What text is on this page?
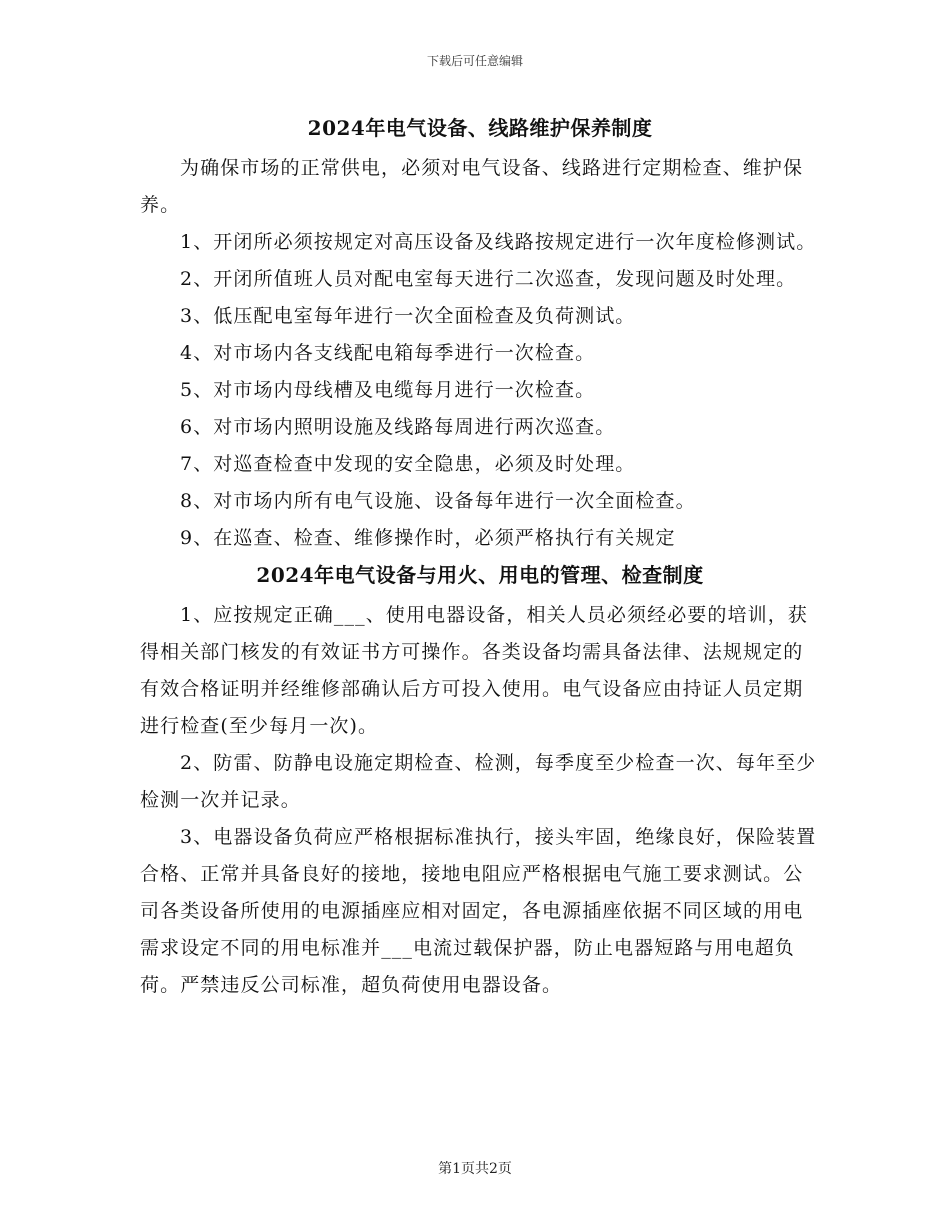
下载后可任意编辑
2024年电气设备、线路维护保养制度

为确保市场的正常供电，必须对电气设备、线路进行定期检查、维护保养。

1、开闭所必须按规定对高压设备及线路按规定进行一次年度检修测试。

2、开闭所值班人员对配电室每天进行二次巡查，发现问题及时处理。

3、低压配电室每年进行一次全面检查及负荷测试。

4、对市场内各支线配电箱每季进行一次检查。

5、对市场内母线槽及电缆每月进行一次检查。

6、对市场内照明设施及线路每周进行两次巡查。

7、对巡查检查中发现的安全隐患，必须及时处理。

8、对市场内所有电气设施、设备每年进行一次全面检查。

9、在巡查、检查、维修操作时，必须严格执行有关规定

2024年电气设备与用火、用电的管理、检查制度

1、应按规定正确___、使用电器设备，相关人员必须经必要的培训，获得相关部门核发的有效证书方可操作。各类设备均需具备法律、法规规定的有效合格证明并经维修部确认后方可投入使用。电气设备应由持证人员定期进行检查(至少每月一次)。

2、防雷、防静电设施定期检查、检测，每季度至少检查一次、每年至少检测一次并记录。

3、电器设备负荷应严格根据标准执行，接头牢固，绝缘良好，保险装置合格、正常并具备良好的接地，接地电阻应严格根据电气施工要求测试。公司各类设备所使用的电源插座应相对固定，各电源插座依据不同区域的用电需求设定不同的用电标准并___电流过载保护器，防止电器短路与用电超负荷。严禁违反公司标准，超负荷使用电器设备。

第1页共2页
